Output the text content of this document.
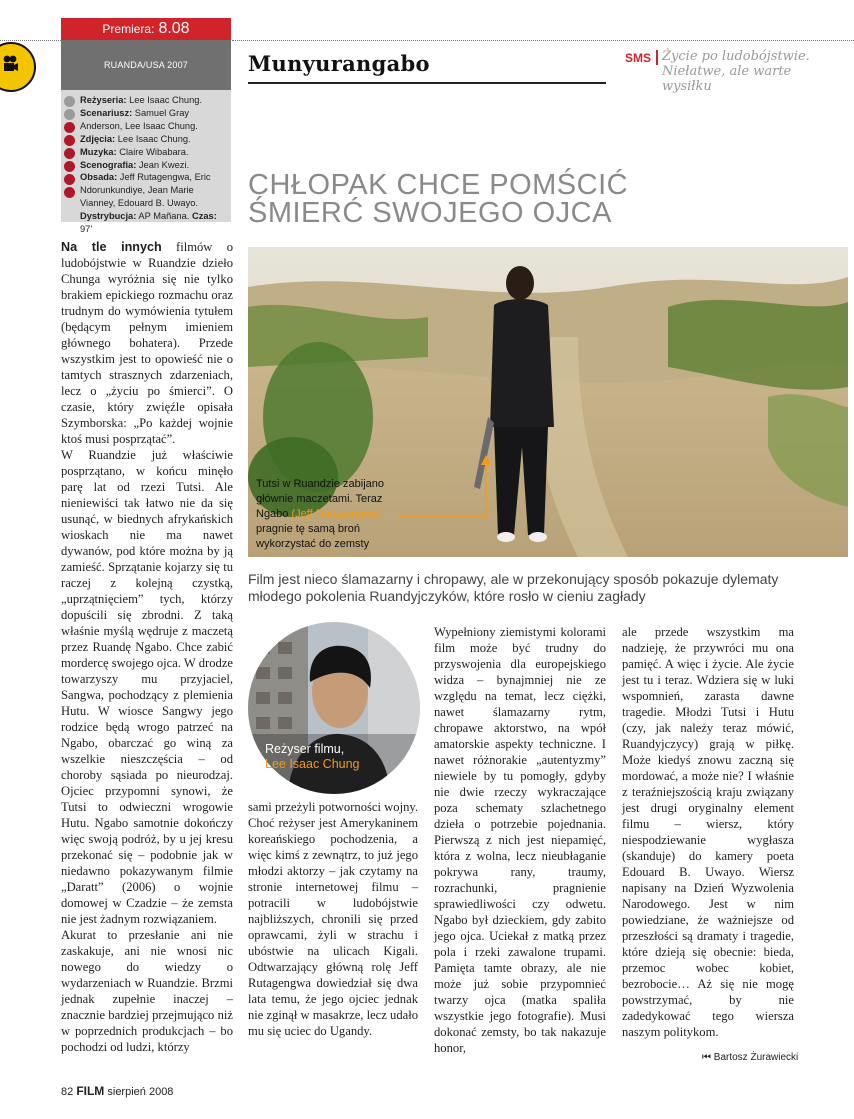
Premiera: 8.08
RUANDA/USA 2007
Reżyseria: Lee Isaac Chung. Scenariusz: Samuel Gray Anderson, Lee Isaac Chung. Zdjęcia: Lee Isaac Chung. Muzyka: Claire Wibabara. Scenografia: Jean Kwezi. Obsada: Jeff Rutagengwa, Eric Ndorunkundiye, Jean Marie Vianney, Edouard B. Uwayo. Dystrybucja: AP Mañana. Czas: 97’
Munyurangabo	SMS Życie po ludobójstwie.
Niełatwe, ale warte wysiłku
CHŁOPAK CHCE POMŚCIĆ
ŚMIERĆ SWOJEGO OJCA
Tutsi w Ruandzie zabijano głównie maczetami. Teraz Ngabo (Jeff Rutagengwa) pragnie tę samą broń wykorzystać do zemsty
Film jest nieco ślamazarny i chropawy, ale w przekonujący sposób pokazuje dylematy młodego pokolenia Ruandyjczyków, które rosło w cieniu zagłady
Reżyser filmu,
Lee Isaac Chung

Na tle innych filmów o ludobójstwie w Ruandzie dzieło Chunga wyróżnia się nie tylko brakiem epickiego rozmachu oraz trudnym do wymówienia tytułem (będącym pełnym imieniem głównego bohatera). Przede wszystkim jest to opowieść nie o tamtych strasznych zdarzeniach, lecz o „życiu po śmierci”. O czasie, który zwięźle opisała Szymborska: „Po każdej wojnie ktoś musi posprzątać”.

W Ruandzie już właściwie posprzątano, w końcu minęło parę lat od rzezi Tutsi. Ale nieniewiści tak łatwo nie da się usunąć, w biednych afrykańskich wioskach nie ma nawet dywanów, pod które można by ją zamieść. Sprzątanie kojarzy się tu raczej z kolejną czystką, „uprzątnięciem” tych, którzy dopuścili się zbrodni. Z taką właśnie myślą wędruje z maczetą przez Ruandę Ngabo. Chce zabić mordercę swojego ojca. W drodze towarzyszy mu przyjaciel, Sangwa, pochodzący z plemienia Hutu. W wiosce Sangwy jego rodzice będą wrogo patrzeć na Ngabo, obarczać go winą za wszelkie nieszczęścia – od choroby sąsiada po nieurodzaj. Ojciec przypomni synowi, że Tutsi to odwieczni wrogowie Hutu. Ngabo samotnie dokończy więc swoją podróż, by u jej kresu przekonać się – podobnie jak w niedawno pokazywanym filmie „Daratt” (2006) o wojnie domowej w Czadzie – że zemsta nie jest żadnym rozwiązaniem.

Akurat to przesłanie ani nie zaskakuje, ani nie wnosi nic nowego do wiedzy o wydarzeniach w Ruandzie. Brzmi jednak zupełnie inaczej – znacznie bardziej przejmująco niż w poprzednich produkcjach – bo pochodzi od ludzi, którzy

sami przeżyli potworności wojny. Choć reżyser jest Amerykaninem koreańskiego pochodzenia, a więc kimś z zewnątrz, to już jego młodzi aktorzy – jak czytamy na stronie internetowej filmu – potracili w ludobójstwie najbliższych, chronili się przed oprawcami, żyli w strachu i ubóstwie na ulicach Kigali. Odtwarzający główną rolę Jeff Rutagengwa dowiedział się dwa lata temu, że jego ojciec jednak nie zginął w masakrze, lecz udało mu się uciec do Ugandy.

Wypełniony ziemistymi kolorami film może być trudny do przyswojenia dla europejskiego widza – bynajmniej nie ze względu na temat, lecz ciężki, nawet ślamazarny rytm, chropawe aktorstwo, na wpół amatorskie aspekty techniczne. I nawet różnorakie „autentyzmy” niewiele by tu pomogły, gdyby nie dwie rzeczy wykraczające poza schematy szlachetnego dzieła o potrzebie pojednania. Pierwszą z nich jest niepamięć, która z wolna, lecz nieubłaganie pokrywa rany, traumy, rozrachunki, pragnienie sprawiedliwości czy odwetu. Ngabo był dzieckiem, gdy zabito jego ojca. Uciekał z matką przez pola i rzeki zawalone trupami. Pamięta tamte obrazy, ale nie może już sobie przypomnieć twarzy ojca (matka spaliła wszystkie jego fotografie). Musi dokonać zemsty, bo tak nakazuje honor,

ale przede wszystkim ma nadzieję, że przywróci mu ona pamięć. A więc i życie. Ale życie jest tu i teraz. Wdziera się w luki wspomnień, zarasta dawne tragedie. Młodzi Tutsi i Hutu (czy, jak należy teraz mówić, Ruandyjczycy) grają w piłkę. Może kiedyś znowu zaczną się mordować, a może nie? I właśnie z teraźniejszością kraju związany jest drugi oryginalny element filmu – wiersz, który niespodziewanie wygłasza (skanduje) do kamery poeta Edouard B. Uwayo. Wiersz napisany na Dzień Wyzwolenia Narodowego. Jest w nim powiedziane, że ważniejsze od przeszłości są dramaty i tragedie, które dzieją się obecnie: bieda, przemoc wobec kobiet, bezrobocie… Aż się nie mogę powstrzymać, by nie zadedykować tego wiersza naszym politykom.

⏮ Bartosz Żurawiecki
82 FILM sierpień 2008
